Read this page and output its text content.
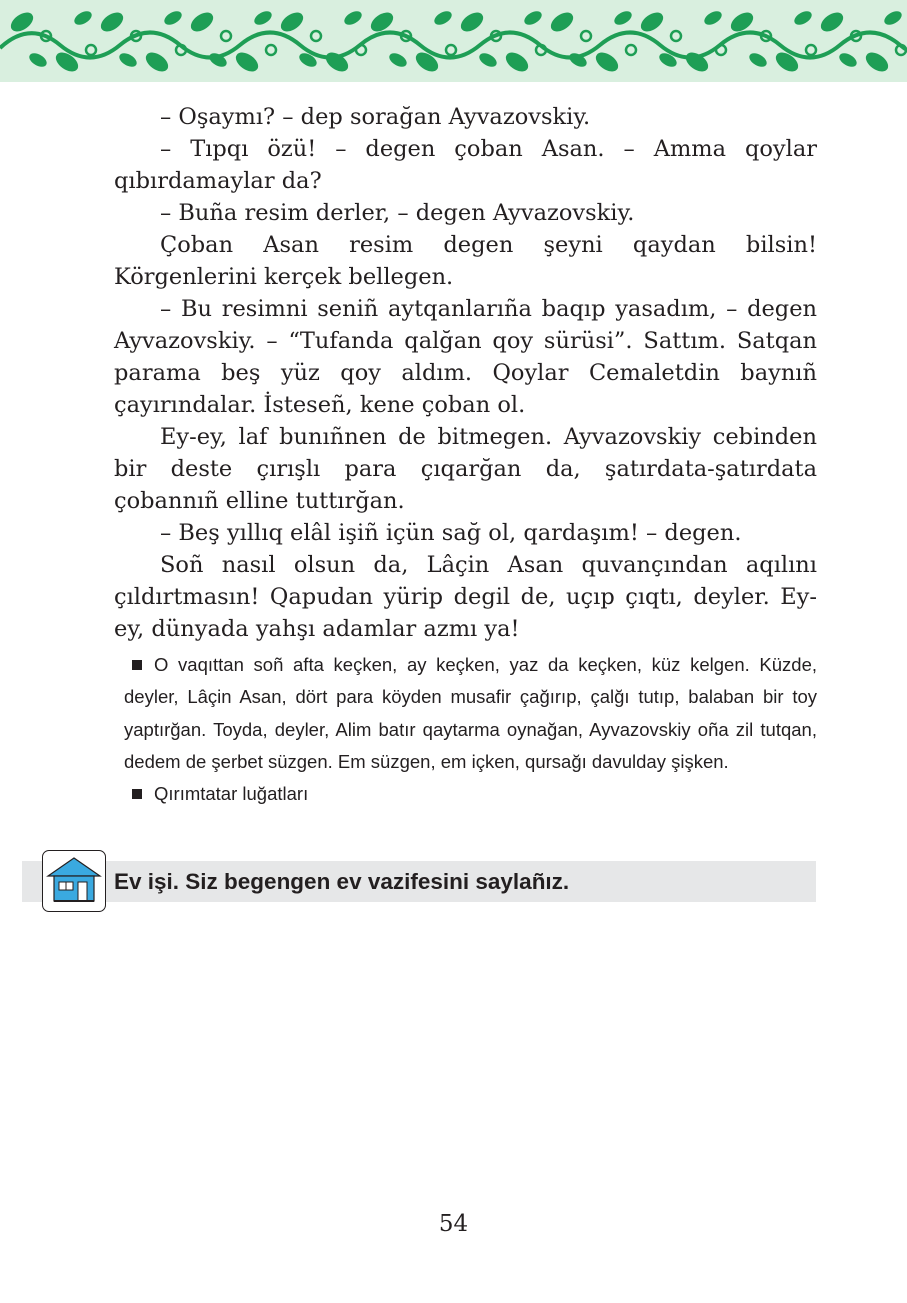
– Oşaymı? – dep sorağan Ayvazovskiy.

– Tıpqı özü! – degen çoban Asan. – Amma qoylar qıbırdamaylar da?

– Buña resim derler, – degen Ayvazovskiy.

Çoban Asan resim degen şeyni qaydan bilsin! Körgenlerini kerçek bellegen.

– Bu resimni seniñ aytqanlarıña baqıp yasadım, – degen Ayvazovskiy. – “Tufanda qalğan qoy sürüsi”. Sattım. Satqan parama beş yüz qoy aldım. Qoylar Cemaletdin baynıñ çayırındalar. İsteseñ, kene çoban ol.

Ey-ey, laf bunıñnen de bitmegen. Ayvazovskiy cebinden bir deste çırışlı para çıqarğan da, şatırdata-şatırdata çobannıñ elline tuttırğan.

– Beş yıllıq elâl işiñ içün sağ ol, qardaşım! – degen.

Soñ nasıl olsun da, Lâçin Asan quvançından aqılını çıldırtmasın! Qapudan yürip degil de, uçıp çıqtı, deyler. Ey-ey, dünyada yahşı adamlar azmı ya!

O vaqıttan soñ afta keçken, ay keçken, yaz da keçken, küz kelgen. Küzde, deyler, Lâçin Asan, dört para köyden musafir çağırıp, çalğı tutıp, balaban bir toy yaptırğan. Toyda, deyler, Alim batır qaytarma oynağan, Ayvazovskiy oña zil tutqan, dedem de şerbet süzgen. Em süzgen, em içken, qursağı davulday şişken.

Qırımtatar luğatları

Ev işi. Siz begengen ev vazifesini saylañız.
54
